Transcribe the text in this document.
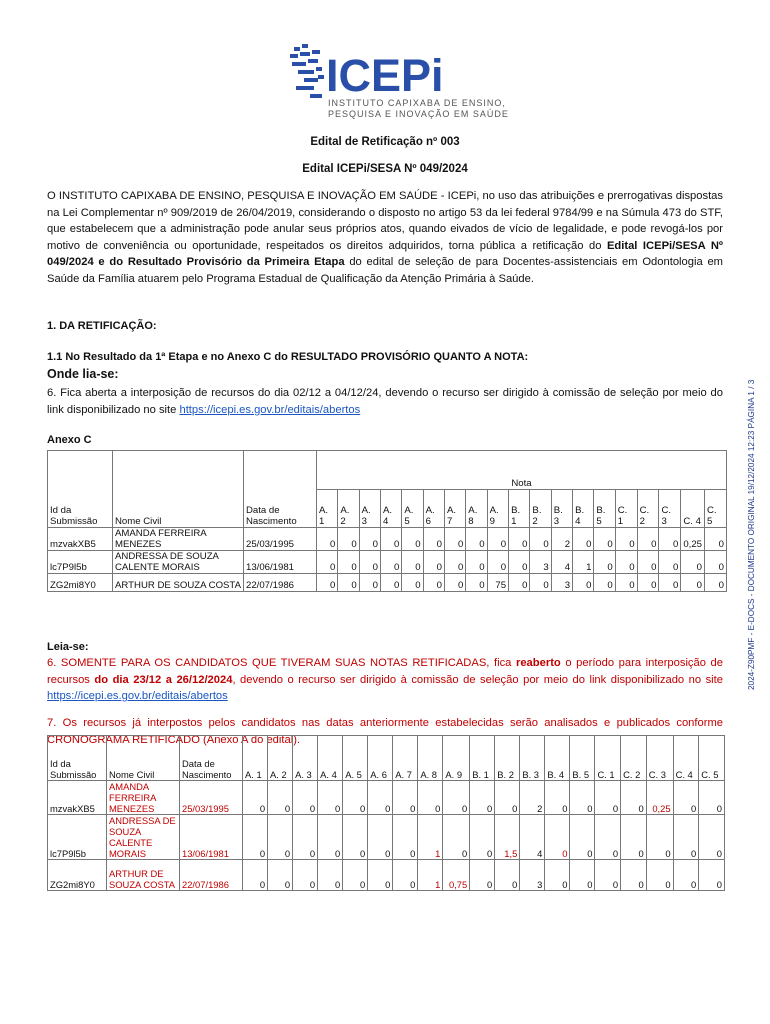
ICEPi
INSTITUTO CAPIXABA DE ENSINO,
PESQUISA E INOVAÇÃO EM SAÚDE
Edital de Retificação nº 003
Edital ICEPi/SESA Nº 049/2024
O INSTITUTO CAPIXABA DE ENSINO, PESQUISA E INOVAÇÃO EM SAÚDE - ICEPi, no uso das atribuições e prerrogativas dispostas na Lei Complementar nº 909/2019 de 26/04/2019, considerando o disposto no artigo 53 da lei federal 9784/99 e na Súmula 473 do STF, que estabelecem que a administração pode anular seus próprios atos, quando eivados de vício de legalidade, e pode revogá-los por motivo de conveniência ou oportunidade, respeitados os direitos adquiridos, torna pública a retificação do Edital ICEPi/SESA Nº 049/2024 e do Resultado Provisório da Primeira Etapa do edital de seleção de para Docentes-assistenciais em Odontologia em Saúde da Família atuarem pelo Programa Estadual de Qualificação da Atenção Primária à Saúde.
1. DA RETIFICAÇÃO:
1.1 No Resultado da 1ª Etapa e no Anexo C do RESULTADO PROVISÓRIO QUANTO A NOTA:
Onde lia-se:
6. Fica aberta a interposição de recursos do dia 02/12 a 04/12/24, devendo o recurso ser dirigido à comissão de seleção por meio do link disponibilizado no site https://icepi.es.gov.br/editais/abertos
Anexo C
Id da Submissão	Nome Civil	Data de Nascimento	Nota																		
			A. 1	A. 2	A. 3	A. 4	A. 5	A. 6	A. 7	A. 8	A. 9	B. 1	B. 2	B. 3	B. 4	B. 5	C. 1	C. 2	C. 3	C. 4	C. 5
mzvakXB5	AMANDA FERREIRA MENEZES	25/03/1995	0	0	0	0	0	0	0	0	0	0	0	2	0	0	0	0	0	0,25	0
lc7P9l5b	ANDRESSA DE SOUZA CALENTE MORAIS	13/06/1981	0	0	0	0	0	0	0	0	0	0	3	4	1	0	0	0	0	0	0
ZG2mi8Y0	ARTHUR DE SOUZA COSTA	22/07/1986	0	0	0	0	0	0	0	0	75	0	0	3	0	0	0	0	0	0	0
Leia-se:
6. SOMENTE PARA OS CANDIDATOS QUE TIVERAM SUAS NOTAS RETIFICADAS, fica reaberto o período para interposição de recursos do dia 23/12 a 26/12/2024, devendo o recurso ser dirigido à comissão de seleção por meio do link disponibilizado no site https://icepi.es.gov.br/editais/abertos
7. Os recursos já interpostos pelos candidatos nas datas anteriormente estabelecidas serão analisados e publicados conforme CRONOGRAMA RETIFICADO (Anexo A do edital).
Id da Submissão	Nome Civil	Data de Nascimento	A. 1	A. 2	A. 3	A. 4	A. 5	A. 6	A. 7	A. 8	A. 9	B. 1	B. 2	B. 3	B. 4	B. 5	C. 1	C. 2	C. 3	C. 4	C. 5
mzvakXB5	AMANDA FERREIRA MENEZES	25/03/1995	0	0	0	0	0	0	0	0	0	0	0	2	0	0	0	0	0,25	0	0
lc7P9l5b	ANDRESSA DE SOUZA CALENTE MORAIS	13/06/1981	0	0	0	0	0	0	0	1	0	0	1,5	4	0	0	0	0	0	0	0
ZG2mi8Y0	ARTHUR DE SOUZA COSTA	22/07/1986	0	0	0	0	0	0	0	1	0,75	0	0	3	0	0	0	0	0	0	0
2024-Z90PMF - E-DOCS - DOCUMENTO ORIGINAL 19/12/2024 12:23 PÁGINA 1 / 3
